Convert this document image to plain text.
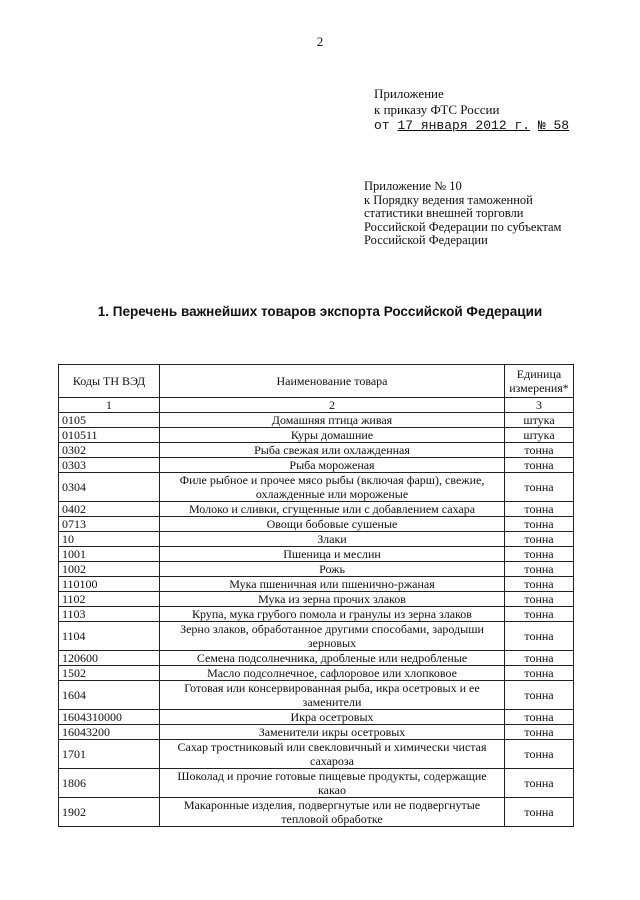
2
Приложение
к приказу ФТС России
от 17 января 2012 г. № 58
Приложение № 10
к Порядку ведения таможенной
статистики внешней торговли
Российской Федерации по субъектам
Российской Федерации
1. Перечень важнейших товаров экспорта Российской Федерации
Коды ТН ВЭД	Наименование товара	Единица измерения*
1	2	3
0105	Домашняя птица живая	штука
010511	Куры домашние	штука
0302	Рыба свежая или охлажденная	тонна
0303	Рыба мороженая	тонна
0304	Филе рыбное и прочее мясо рыбы (включая фарш), свежие, охлажденные или мороженые	тонна
0402	Молоко и сливки, сгущенные или с добавлением сахара	тонна
0713	Овощи бобовые сушеные	тонна
10	Злаки	тонна
1001	Пшеница и меслин	тонна
1002	Рожь	тонна
110100	Мука пшеничная или пшенично-ржаная	тонна
1102	Мука из зерна прочих злаков	тонна
1103	Крупа, мука грубого помола и гранулы из зерна злаков	тонна
1104	Зерно злаков, обработанное другими способами, зародыши зерновых	тонна
120600	Семена подсолнечника, дробленые или недробленые	тонна
1502	Масло подсолнечное, сафлоровое или хлопковое	тонна
1604	Готовая или консервированная рыба, икра осетровых и ее заменители	тонна
1604310000	Икра осетровых	тонна
16043200	Заменители икры осетровых	тонна
1701	Сахар тростниковый или свекловичный и химически чистая сахароза	тонна
1806	Шоколад и прочие готовые пищевые продукты, содержащие какао	тонна
1902	Макаронные изделия, подвергнутые или не подвергнутые тепловой обработке	тонна
